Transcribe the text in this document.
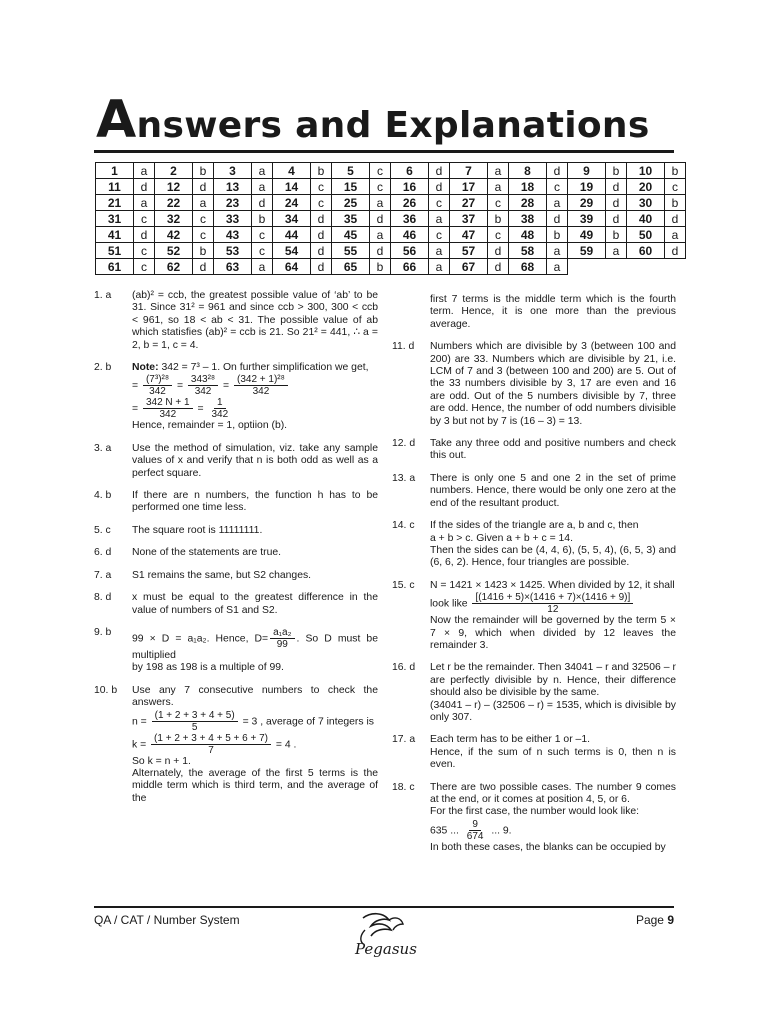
Answers and Explanations
1	a	2	b	3	a	4	b	5	c	6	d	7	a	8	d	9	b	10	b
11	d	12	d	13	a	14	c	15	c	16	d	17	a	18	c	19	d	20	c
21	a	22	a	23	d	24	c	25	a	26	c	27	c	28	a	29	d	30	b
31	c	32	c	33	b	34	d	35	d	36	a	37	b	38	d	39	d	40	d
41	d	42	c	43	c	44	d	45	a	46	c	47	c	48	b	49	b	50	a
51	c	52	b	53	c	54	d	55	d	56	a	57	d	58	a	59	a	60	d
61	c	62	d	63	a	64	d	65	b	66	a	67	d	68	a				
1. a	(ab)² = ccb, the greatest possible value of ‘ab’ to be 31. Since 31² = 961 and since ccb > 300, 300 < ccb < 961, so 18 < ab < 31. The possible value of ab which statisfies (ab)² = ccb is 21. So 21² = 441, ∴ a = 2, b = 1, c = 4.
2. b	Note: 342 = 7³ – 1. On further simplification we get,

= $\frac{\text{(7³)²⁸}}{342} = \frac{\text{343²⁸}}{342} = \frac{\text{(342 + 1)²⁸}}{342}$

= $\frac{342 N + 1}{342} = \frac{1}{342}$

Hence, remainder = 1, optiion (b).

3. a	Use the method of simulation, viz. take any sample values of x and verify that n is both odd as well as a perfect square.
4. b	If there are n numbers, the function h has to be performed one time less.
5. c	The square root is 11111111.
6. d	None of the statements are true.
7. a	S1 remains the same, but S2 changes.
8. d	x must be equal to the greatest difference in the value of numbers of S1 and S2.
9. b

99 × D = a₁a₂. Hence, $D= \frac{\text{a₁a₂}}{99}$ . So D must be multiplied

by 198 as 198 is a multiple of 99.

10. b	Use any 7 consecutive numbers to check the answers.

$n = \frac{(1 + 2 + 3 + 4 + 5)}{5} = 3$ , average of 7 integers is

$k = \frac{(1 + 2 + 3 + 4 + 5 + 6 + 7)}{7} = 4$ .

So k = n + 1.

Alternately, the average of the first 5 terms is the middle term which is third term, and the average of the

first 7 terms is the middle term which is the fourth term. Hence, it is one more than the previous average.
11. d	Numbers which are divisible by 3 (between 100 and 200) are 33. Numbers which are divisible by 21, i.e. LCM of 7 and 3 (between 100 and 200) are 5. Out of the 33 numbers divisible by 3, 17 are even and 16 are odd. Out of the 5 numbers divisible by 7, three are odd. Hence, the number of odd numbers divisible by 3 but not by 7 is (16 – 3) = 13.
12. d	Take any three odd and positive numbers and check this out.
13. a	There is only one 5 and one 2 in the set of prime numbers. Hence, there would be only one zero at the end of the resultant product.
14. c	If the sides of the triangle are a, b and c, then

a + b > c. Given a + b + c = 14.

Then the sides can be (4, 4, 6), (5, 5, 4), (6, 5, 3) and (6, 6, 2). Hence, four triangles are possible.

15. c	N = 1421 × 1423 × 1425. When divided by 12, it shall

look like $\frac{[(1416 + 5)\times(1416 + 7)\times(1416 + 9)]}{12}$

Now the remainder will be governed by the term 5 × 7 × 9, which when divided by 12 leaves the remainder 3.

16. d	Let r be the remainder. Then 34041 – r and 32506 – r are perfectly divisible by n. Hence, their difference should also be divisible by the same.

(34041 – r) – (32506 – r) = 1535, which is divisible by only 307.

17. a	Each term has to be either 1 or –1.

Hence, if the sum of n such terms is 0, then n is even.

18. c	There are two possible cases. The number 9 comes at the end, or it comes at position 4, 5, or 6.

For the first case, the number would look like:

635 ... $\frac{9}{674}$ ... 9.

In both these cases, the blanks can be occupied by

QA / CAT / Number System	Page 9
Pegasus
